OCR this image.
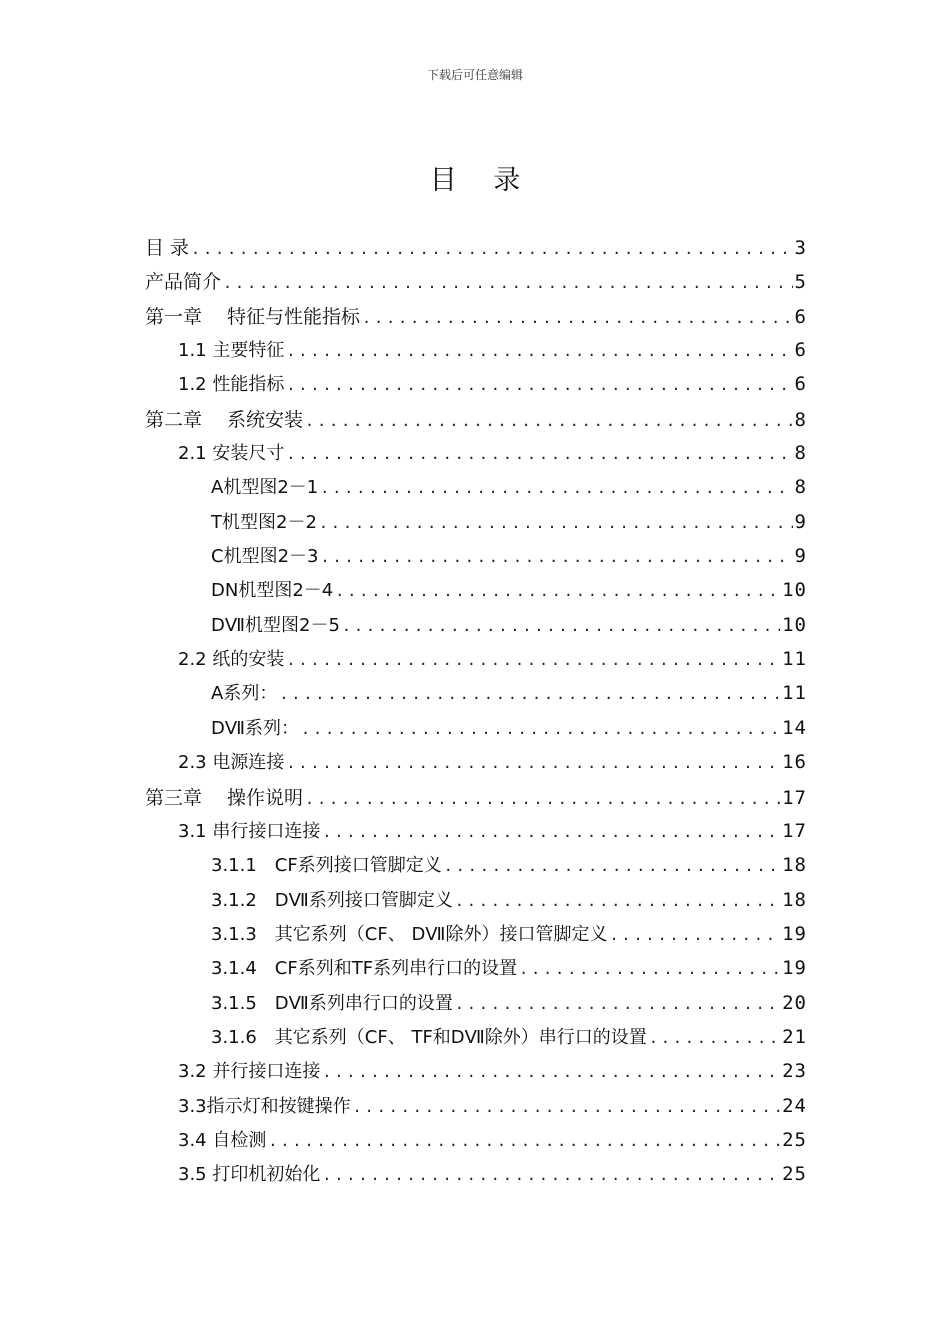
下载后可任意编辑
目 录
目 录 .....	3
产品简介 .....	5
第一章　 特征与性能指标 .....	6
1.1 主要特征 .....	6
1.2 性能指标 .....	6
第二章　 系统安装 .....	8
2.1 安装尺寸 .....	8
A机型图2－1 .....	8
T机型图2－2 .....	9
C机型图2－3 .....	9
DN机型图2－4 .....	10
DⅦ机型图2－5 .....	10
2.2 纸的安装 .....	11
A系列： .....	11
DⅦ系列： .....	14
2.3 电源连接 .....	16
第三章　 操作说明 .....	17
3.1 串行接口连接 .....	17
3.1.1　CF系列接口管脚定义 .....	18
3.1.2　DⅦ系列接口管脚定义 .....	18
3.1.3　其它系列（CF、 DⅦ除外）接口管脚定义 .....	19
3.1.4　CF系列和TF系列串行口的设置 .....	19
3.1.5　DⅦ系列串行口的设置 .....	20
3.1.6　其它系列（CF、 TF和DⅦ除外）串行口的设置 .....	21
3.2 并行接口连接 .....	23
3.3指示灯和按键操作 .....	24
3.4 自检测 .....	25
3.5 打印机初始化 .....	25
